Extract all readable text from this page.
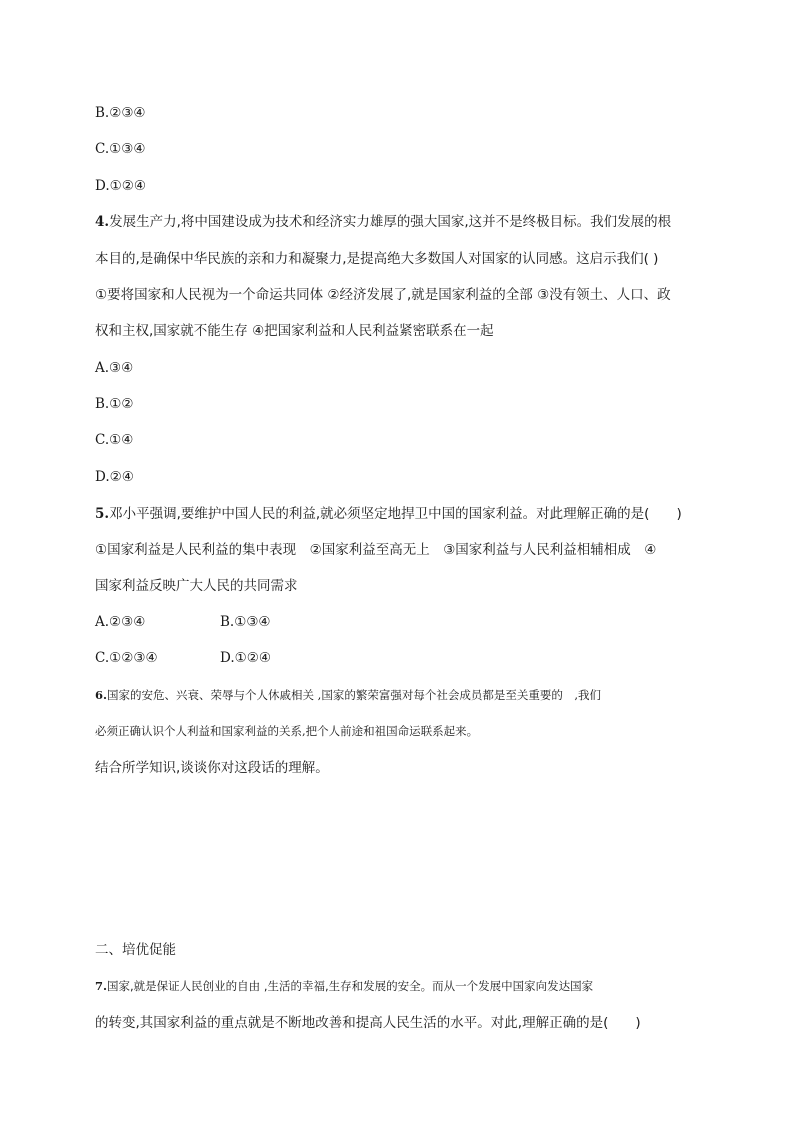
B.②③④
C.①③④
D.①②④
4.发展生产力,将中国建设成为技术和经济实力雄厚的强大国家,这并不是终极目标。我们发展的根
本目的,是确保中华民族的亲和力和凝聚力,是提高绝大多数国人对国家的认同感。这启示我们( )
①要将国家和人民视为一个命运共同体 ②经济发展了,就是国家利益的全部 ③没有领土、人口、政
权和主权,国家就不能生存 ④把国家利益和人民利益紧密联系在一起
A.③④
B.①②
C.①④
D.②④
5.邓小平强调,要维护中国人民的利益,就必须坚定地捍卫中国的国家利益。对此理解正确的是(　　)
①国家利益是人民利益的集中表现　②国家利益至高无上　③国家利益与人民利益相辅相成　④
国家利益反映广大人民的共同需求
A.②③④	B.①③④
C.①②③④	D.①②④
6.国家的安危、兴衰、荣辱与个人休戚相关 ,国家的繁荣富强对每个社会成员都是至关重要的　,我们
必须正确认识个人利益和国家利益的关系,把个人前途和祖国命运联系起来。
结合所学知识,谈谈你对这段话的理解。
二、培优促能
7.国家,就是保证人民创业的自由 ,生活的幸福,生存和发展的安全。而从一个发展中国家向发达国家
的转变,其国家利益的重点就是不断地改善和提高人民生活的水平。对此,理解正确的是(　　)
